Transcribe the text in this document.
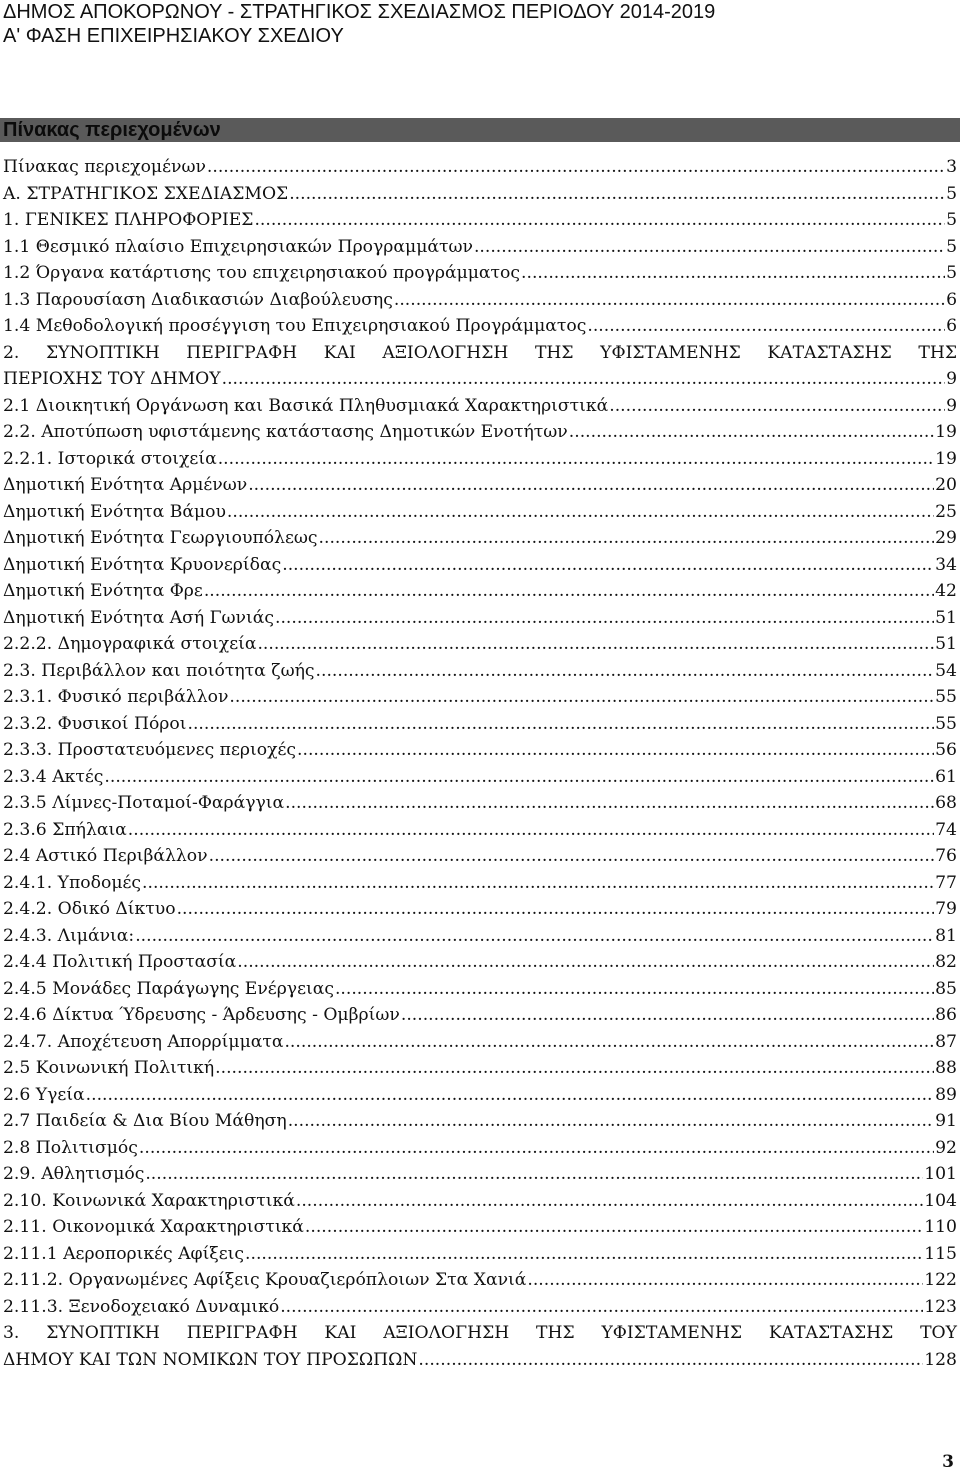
ΔΗΜΟΣ ΑΠΟΚΟΡΩΝΟΥ - ΣΤΡΑΤΗΓΙΚΟΣ ΣΧΕΔΙΑΣΜΟΣ ΠΕΡΙΟΔΟΥ 2014-2019
Α' ΦΑΣΗ ΕΠΙΧΕΙΡΗΣΙΑΚΟΥ ΣΧΕΔΙΟΥ
Πίνακας περιεχομένων
Πίνακας περιεχομένων .....	3
Α. ΣΤΡΑΤΗΓΙΚΟΣ ΣΧΕΔΙΑΣΜΟΣ .....	5
1. ΓΕΝΙΚΕΣ ΠΛΗΡΟΦΟΡΙΕΣ .....	5
1.1 Θεσμικό πλαίσιο Επιχειρησιακών Προγραμμάτων .....	5
1.2 Όργανα κατάρτισης του επιχειρησιακού προγράμματος .....	5
1.3 Παρουσίαση Διαδικασιών Διαβούλευσης .....	6
1.4 Μεθοδολογική προσέγγιση του Επιχειρησιακού Προγράμματος .....	6
2. ΣΥΝΟΠΤΙΚΗ ΠΕΡΙΓΡΑΦΗ ΚΑΙ ΑΞΙΟΛΟΓΗΣΗ ΤΗΣ ΥΦΙΣΤΑΜΕΝΗΣ ΚΑΤΑΣΤΑΣΗΣ ΤΗΣ
ΠΕΡΙΟΧΗΣ ΤΟΥ ΔΗΜΟΥ .....	9
2.1 Διοικητική Οργάνωση και Βασικά Πληθυσμιακά Χαρακτηριστικά .....	9
2.2. Αποτύπωση υφιστάμενης κατάστασης Δημοτικών Ενοτήτων .....	19
2.2.1. Ιστορικά στοιχεία .....	19
Δημοτική Ενότητα Αρμένων .....	20
Δημοτική Ενότητα Βάμου .....	25
Δημοτική Ενότητα Γεωργιουπόλεως .....	29
Δημοτική Ενότητα Κρυονερίδας .....	34
Δημοτική Ενότητα Φρε .....	42
Δημοτική Ενότητα Ασή Γωνιάς .....	51
2.2.2. Δημογραφικά στοιχεία .....	51
2.3. Περιβάλλον και ποιότητα ζωής .....	54
2.3.1. Φυσικό περιβάλλον .....	55
2.3.2. Φυσικοί Πόροι .....	55
2.3.3. Προστατευόμενες περιοχές .....	56
2.3.4 Ακτές .....	61
2.3.5 Λίμνες-Ποταμοί-Φαράγγια .....	68
2.3.6 Σπήλαια .....	74
2.4 Αστικό Περιβάλλον .....	76
2.4.1. Υποδομές .....	77
2.4.2. Οδικό Δίκτυο .....	79
2.4.3. Λιμάνια: .....	81
2.4.4 Πολιτική Προστασία .....	82
2.4.5 Μονάδες Παράγωγης Ενέργειας .....	85
2.4.6 Δίκτυα Ύδρευσης - Άρδευσης - Ομβρίων .....	86
2.4.7. Αποχέτευση Απορρίμματα .....	87
2.5 Κοινωνική Πολιτική .....	88
2.6 Υγεία .....	89
2.7 Παιδεία & Δια Βίου Μάθηση .....	91
2.8 Πολιτισμός .....	92
2.9. Αθλητισμός .....	101
2.10. Κοινωνικά Χαρακτηριστικά .....	104
2.11. Οικονομικά Χαρακτηριστικά .....	110
2.11.1 Αεροπορικές Αφίξεις .....	115
2.11.2. Οργανωμένες Αφίξεις Κρουαζιερόπλοιων Στα Χανιά .....	122
2.11.3. Ξενοδοχειακό Δυναμικό .....	123
3. ΣΥΝΟΠΤΙΚΗ ΠΕΡΙΓΡΑΦΗ ΚΑΙ ΑΞΙΟΛΟΓΗΣΗ ΤΗΣ ΥΦΙΣΤΑΜΕΝΗΣ ΚΑΤΑΣΤΑΣΗΣ ΤΟΥ
ΔΗΜΟΥ ΚΑΙ ΤΩΝ ΝΟΜΙΚΩΝ ΤΟΥ ΠΡΟΣΩΠΩΝ .....	128
3
